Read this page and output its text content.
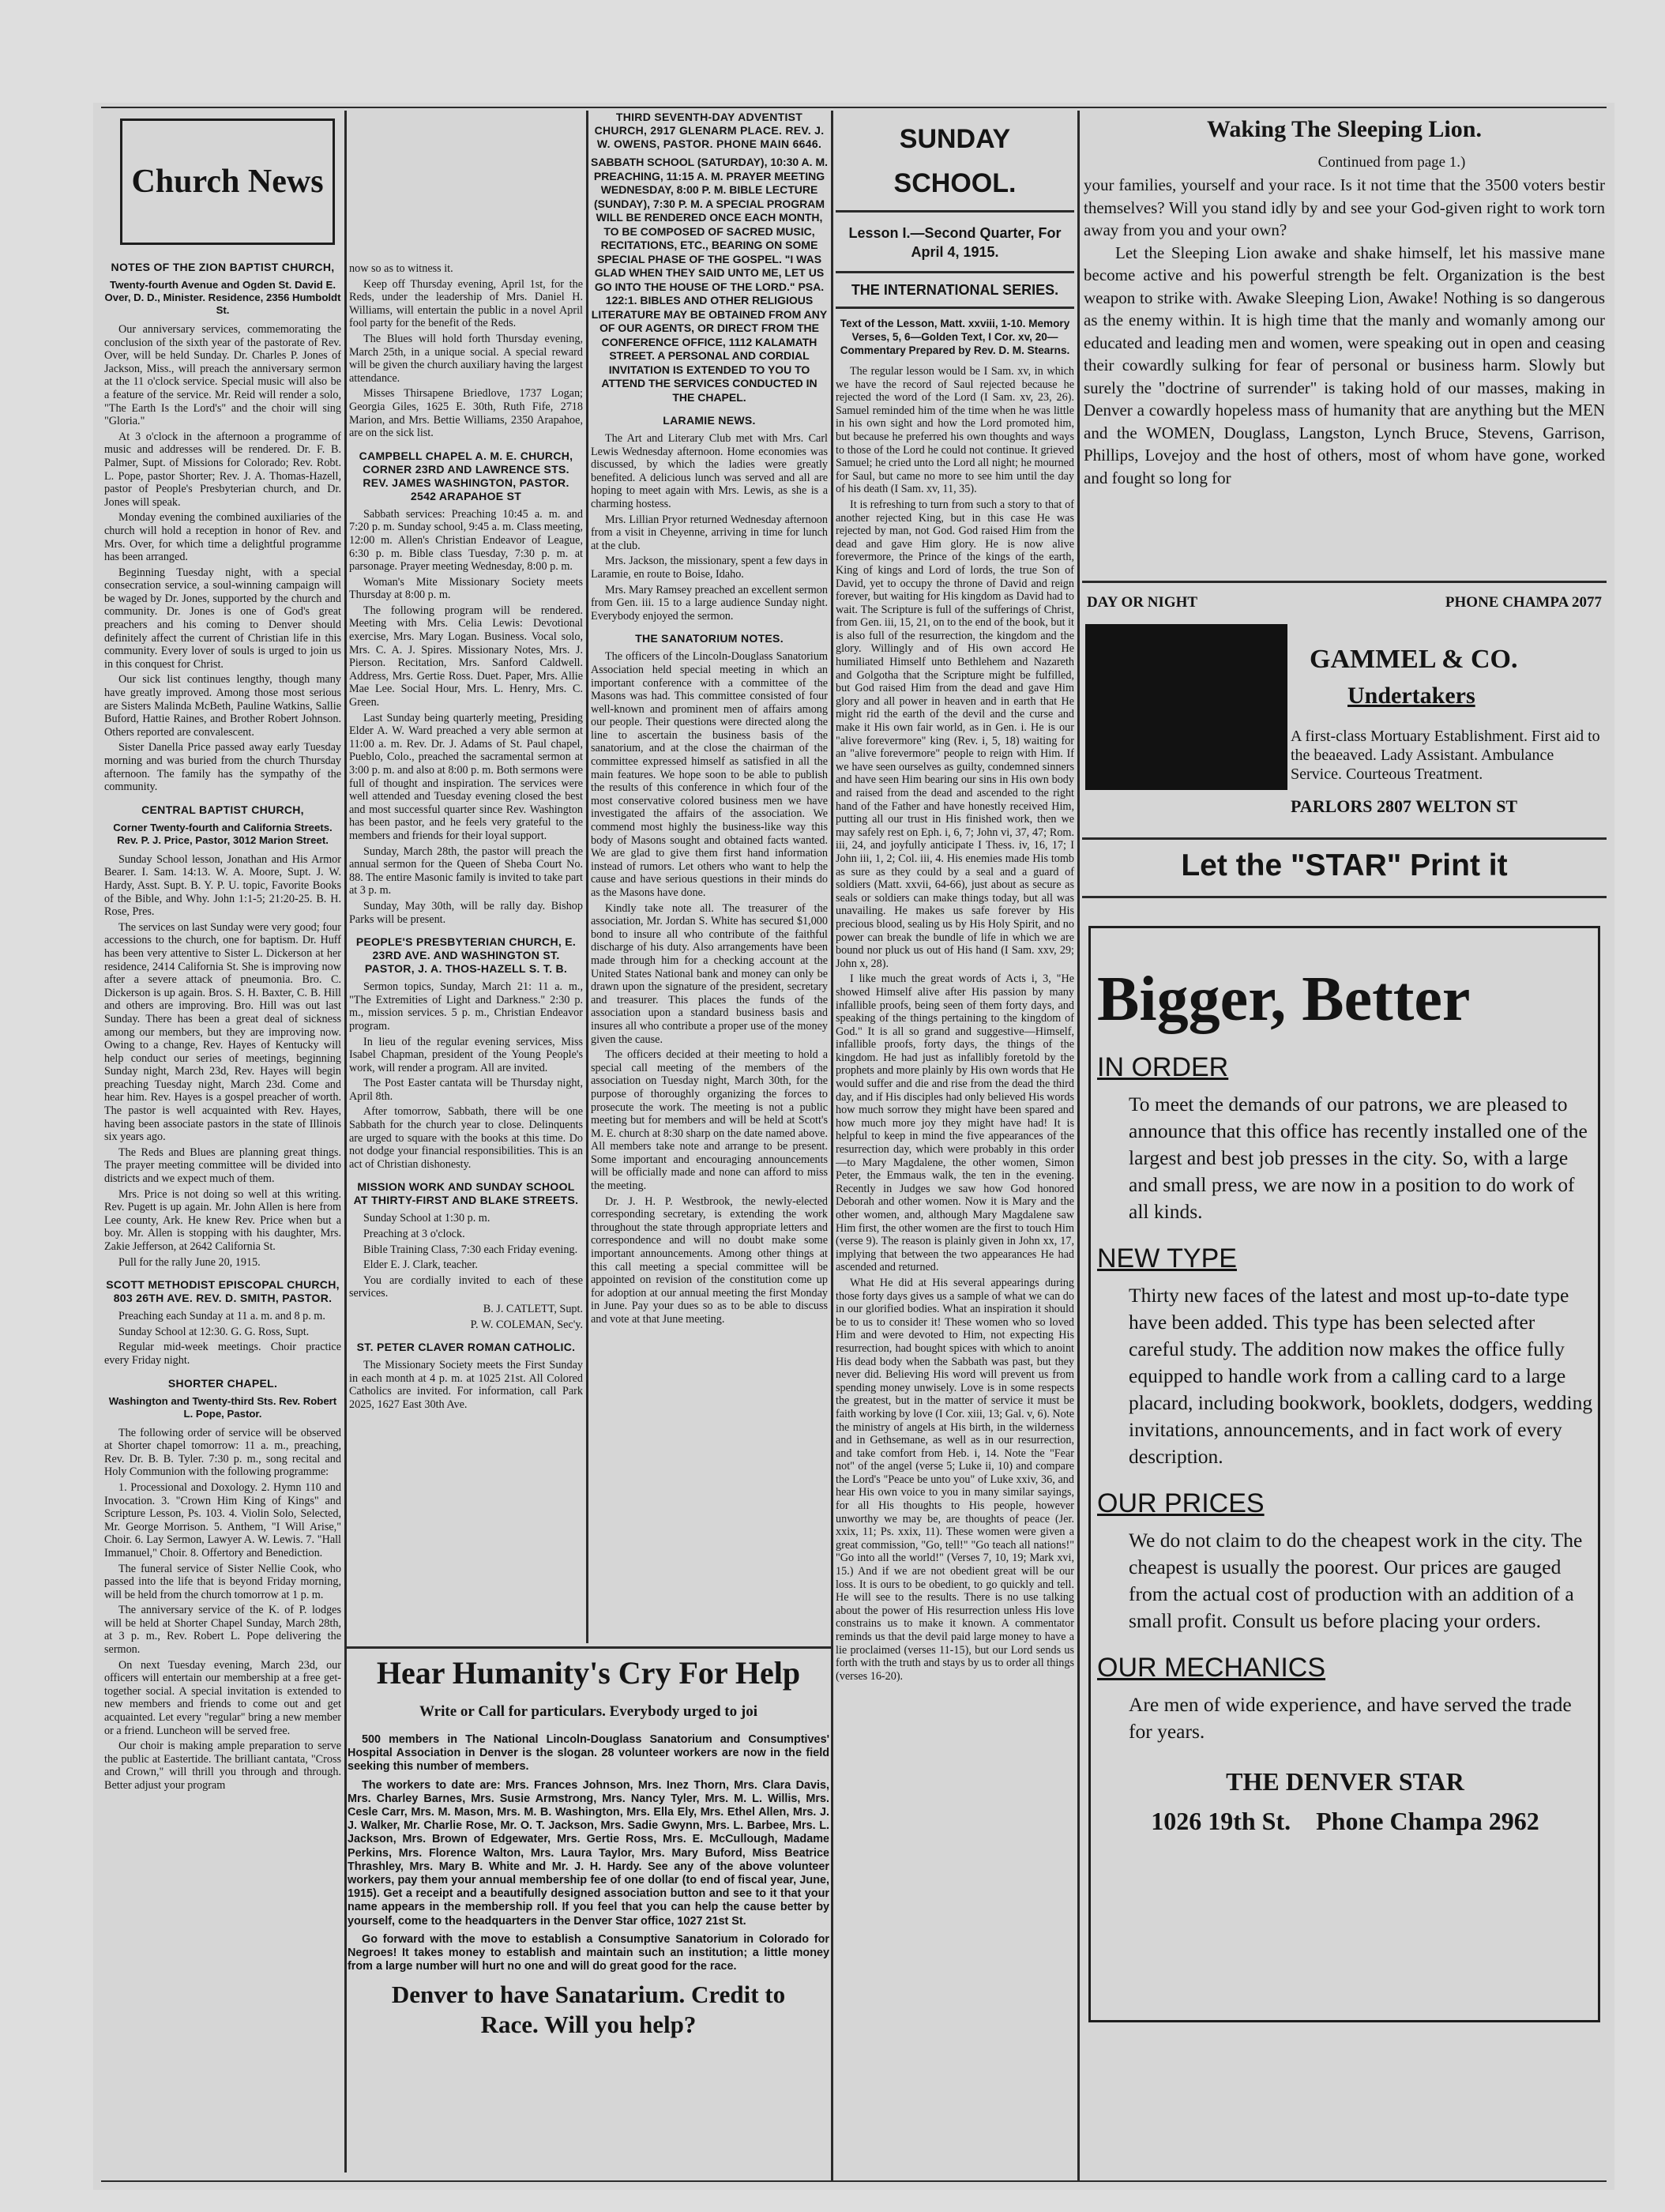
Church News
NOTES OF THE ZION BAPTIST CHURCH,
Twenty-fourth Avenue and Ogden St. David E. Over, D. D., Minister. Residence, 2356 Humboldt St.

Our anniversary services, commemorating the conclusion of the sixth year of the pastorate of Rev. Over, will be held Sunday. Dr. Charles P. Jones of Jackson, Miss., will preach the anniversary sermon at the 11 o'clock service. Special music will also be a feature of the service. Mr. Reid will render a solo, "The Earth Is the Lord's" and the choir will sing "Gloria."

At 3 o'clock in the afternoon a programme of music and addresses will be rendered. Dr. F. B. Palmer, Supt. of Missions for Colorado; Rev. Robt. L. Pope, pastor Shorter; Rev. J. A. Thomas-Hazell, pastor of People's Presbyterian church, and Dr. Jones will speak.

Monday evening the combined auxiliaries of the church will hold a reception in honor of Rev. and Mrs. Over, for which time a delightful programme has been arranged.

Beginning Tuesday night, with a special consecration service, a soul-winning campaign will be waged by Dr. Jones, supported by the church and community. Dr. Jones is one of God's great preachers and his coming to Denver should definitely affect the current of Christian life in this community. Every lover of souls is urged to join us in this conquest for Christ.

Our sick list continues lengthy, though many have greatly improved. Among those most serious are Sisters Malinda McBeth, Pauline Watkins, Sallie Buford, Hattie Raines, and Brother Robert Johnson. Others reported are convalescent.

Sister Danella Price passed away early Tuesday morning and was buried from the church Thursday afternoon. The family has the sympathy of the community.

CENTRAL BAPTIST CHURCH,
Corner Twenty-fourth and California Streets. Rev. P. J. Price, Pastor, 3012 Marion Street.

Sunday School lesson, Jonathan and His Armor Bearer. I. Sam. 14:13. W. A. Moore, Supt. J. W. Hardy, Asst. Supt. B. Y. P. U. topic, Favorite Books of the Bible, and Why. John 1:1-5; 21:20-25. B. H. Rose, Pres.

The services on last Sunday were very good; four accessions to the church, one for baptism. Dr. Huff has been very attentive to Sister L. Dickerson at her residence, 2414 California St. She is improving now after a severe attack of pneumonia. Bro. C. Dickerson is up again. Bros. S. H. Baxter, C. B. Hill and others are improving. Bro. Hill was out last Sunday. There has been a great deal of sickness among our members, but they are improving now. Owing to a change, Rev. Hayes of Kentucky will help conduct our series of meetings, beginning Sunday night, March 23d, Rev. Hayes will begin preaching Tuesday night, March 23d. Come and hear him. Rev. Hayes is a gospel preacher of worth. The pastor is well acquainted with Rev. Hayes, having been associate pastors in the state of Illinois six years ago.

The Reds and Blues are planning great things. The prayer meeting committee will be divided into districts and we expect much of them.

Mrs. Price is not doing so well at this writing. Rev. Pugett is up again. Mr. John Allen is here from Lee county, Ark. He knew Rev. Price when but a boy. Mr. Allen is stopping with his daughter, Mrs. Zakie Jefferson, at 2642 California St.

Pull for the rally June 20, 1915.

SCOTT METHODIST EPISCOPAL CHURCH, 803 26TH AVE. REV. D. SMITH, PASTOR.

Preaching each Sunday at 11 a. m. and 8 p. m.

Sunday School at 12:30. G. G. Ross, Supt.

Regular mid-week meetings. Choir practice every Friday night.

SHORTER CHAPEL.
Washington and Twenty-third Sts. Rev. Robert L. Pope, Pastor.

The following order of service will be observed at Shorter chapel tomorrow: 11 a. m., preaching, Rev. Dr. B. B. Tyler. 7:30 p. m., song recital and Holy Communion with the following programme:

1. Processional and Doxology. 2. Hymn 110 and Invocation. 3. "Crown Him King of Kings" and Scripture Lesson, Ps. 103. 4. Violin Solo, Selected, Mr. George Morrison. 5. Anthem, "I Will Arise," Choir. 6. Lay Sermon, Lawyer A. W. Lewis. 7. "Hall Immanuel," Choir. 8. Offertory and Benediction.

The funeral service of Sister Nellie Cook, who passed into the life that is beyond Friday morning, will be held from the church tomorrow at 1 p. m.

The anniversary service of the K. of P. lodges will be held at Shorter Chapel Sunday, March 28th, at 3 p. m., Rev. Robert L. Pope delivering the sermon.

On next Tuesday evening, March 23d, our officers will entertain our membership at a free get-together social. A special invitation is extended to new members and friends to come out and get acquainted. Let every "regular" bring a new member or a friend. Luncheon will be served free.

Our choir is making ample preparation to serve the public at Eastertide. The brilliant cantata, "Cross and Crown," will thrill you through and through. Better adjust your program

now so as to witness it.

Keep off Thursday evening, April 1st, for the Reds, under the leadership of Mrs. Daniel H. Williams, will entertain the public in a novel April fool party for the benefit of the Reds.

The Blues will hold forth Thursday evening, March 25th, in a unique social. A special reward will be given the church auxiliary having the largest attendance.

Misses Thirsapene Briedlove, 1737 Logan; Georgia Giles, 1625 E. 30th, Ruth Fife, 2718 Marion, and Mrs. Bettie Williams, 2350 Arapahoe, are on the sick list.

CAMPBELL CHAPEL A. M. E. CHURCH, CORNER 23RD AND LAWRENCE STS. REV. JAMES WASHINGTON, PASTOR. 2542 ARAPAHOE ST

Sabbath services: Preaching 10:45 a. m. and 7:20 p. m. Sunday school, 9:45 a. m. Class meeting, 12:00 m. Allen's Christian Endeavor of League, 6:30 p. m. Bible class Tuesday, 7:30 p. m. at parsonage. Prayer meeting Wednesday, 8:00 p. m.

Woman's Mite Missionary Society meets Thursday at 8:00 p. m.

The following program will be rendered. Meeting with Mrs. Celia Lewis: Devotional exercise, Mrs. Mary Logan. Business. Vocal solo, Mrs. C. A. J. Spires. Missionary Notes, Mrs. J. Pierson. Recitation, Mrs. Sanford Caldwell. Address, Mrs. Gertie Ross. Duet. Paper, Mrs. Allie Mae Lee. Social Hour, Mrs. L. Henry, Mrs. C. Green.

Last Sunday being quarterly meeting, Presiding Elder A. W. Ward preached a very able sermon at 11:00 a. m. Rev. Dr. J. Adams of St. Paul chapel, Pueblo, Colo., preached the sacramental sermon at 3:00 p. m. and also at 8:00 p. m. Both sermons were full of thought and inspiration. The services were well attended and Tuesday evening closed the best and most successful quarter since Rev. Washington has been pastor, and he feels very grateful to the members and friends for their loyal support.

Sunday, March 28th, the pastor will preach the annual sermon for the Queen of Sheba Court No. 88. The entire Masonic family is invited to take part at 3 p. m.

Sunday, May 30th, will be rally day. Bishop Parks will be present.

PEOPLE'S PRESBYTERIAN CHURCH, E. 23RD AVE. AND WASHINGTON ST. PASTOR, J. A. THOS-HAZELL S. T. B.

Sermon topics, Sunday, March 21: 11 a. m., "The Extremities of Light and Darkness." 2:30 p. m., mission services. 5 p. m., Christian Endeavor program.

In lieu of the regular evening services, Miss Isabel Chapman, president of the Young People's work, will render a program. All are invited.

The Post Easter cantata will be Thursday night, April 8th.

After tomorrow, Sabbath, there will be one Sabbath for the church year to close. Delinquents are urged to square with the books at this time. Do not dodge your financial responsibilities. This is an act of Christian dishonesty.

MISSION WORK AND SUNDAY SCHOOL AT THIRTY-FIRST AND BLAKE STREETS.

Sunday School at 1:30 p. m.

Preaching at 3 o'clock.

Bible Training Class, 7:30 each Friday evening.

Elder E. J. Clark, teacher.

You are cordially invited to each of these services.

B. J. CATLETT, Supt.

P. W. COLEMAN, Sec'y.

ST. PETER CLAVER ROMAN CATHOLIC.

The Missionary Society meets the First Sunday in each month at 4 p. m. at 1025 21st. All Colored Catholics are invited. For information, call Park 2025, 1627 East 30th Ave.

THIRD SEVENTH-DAY ADVENTIST CHURCH, 2917 GLENARM PLACE. REV. J. W. OWENS, PASTOR. PHONE MAIN 6646.

SABBATH SCHOOL (SATURDAY), 10:30 A. M. PREACHING, 11:15 A. M. PRAYER MEETING WEDNESDAY, 8:00 P. M. BIBLE LECTURE (SUNDAY), 7:30 P. M. A SPECIAL PROGRAM WILL BE RENDERED ONCE EACH MONTH, TO BE COMPOSED OF SACRED MUSIC, RECITATIONS, ETC., BEARING ON SOME SPECIAL PHASE OF THE GOSPEL. "I WAS GLAD WHEN THEY SAID UNTO ME, LET US GO INTO THE HOUSE OF THE LORD." PSA. 122:1. BIBLES AND OTHER RELIGIOUS LITERATURE MAY BE OBTAINED FROM ANY OF OUR AGENTS, OR DIRECT FROM THE CONFERENCE OFFICE, 1112 KALAMATH STREET. A PERSONAL AND CORDIAL INVITATION IS EXTENDED TO YOU TO ATTEND THE SERVICES CONDUCTED IN THE CHAPEL.

LARAMIE NEWS.

The Art and Literary Club met with Mrs. Carl Lewis Wednesday afternoon. Home economies was discussed, by which the ladies were greatly benefited. A delicious lunch was served and all are hoping to meet again with Mrs. Lewis, as she is a charming hostess.

Mrs. Lillian Pryor returned Wednesday afternoon from a visit in Cheyenne, arriving in time for lunch at the club.

Mrs. Jackson, the missionary, spent a few days in Laramie, en route to Boise, Idaho.

Mrs. Mary Ramsey preached an excellent sermon from Gen. iii. 15 to a large audience Sunday night. Everybody enjoyed the sermon.

THE SANATORIUM NOTES.

The officers of the Lincoln-Douglass Sanatorium Association held special meeting in which an important conference with a committee of the Masons was had. This committee consisted of four well-known and prominent men of affairs among our people. Their questions were directed along the line to ascertain the business basis of the sanatorium, and at the close the chairman of the committee expressed himself as satisfied in all the main features. We hope soon to be able to publish the results of this conference in which four of the most conservative colored business men we have investigated the affairs of the association. We commend most highly the business-like way this body of Masons sought and obtained facts wanted. We are glad to give them first hand information instead of rumors. Let others who want to help the cause and have serious questions in their minds do as the Masons have done.

Kindly take note all. The treasurer of the association, Mr. Jordan S. White has secured $1,000 bond to insure all who contribute of the faithful discharge of his duty. Also arrangements have been made through him for a checking account at the United States National bank and money can only be drawn upon the signature of the president, secretary and treasurer. This places the funds of the association upon a standard business basis and insures all who contribute a proper use of the money given the cause.

The officers decided at their meeting to hold a special call meeting of the members of the association on Tuesday night, March 30th, for the purpose of thoroughly organizing the forces to prosecute the work. The meeting is not a public meeting but for members and will be held at Scott's M. E. church at 8:30 sharp on the date named above. All members take note and arrange to be present. Some important and encouraging announcements will be officially made and none can afford to miss the meeting.

Dr. J. H. P. Westbrook, the newly-elected corresponding secretary, is extending the work throughout the state through appropriate letters and correspondence and will no doubt make some important announcements. Among other things at this call meeting a special committee will be appointed on revision of the constitution come up for adoption at our annual meeting the first Monday in June. Pay your dues so as to be able to discuss and vote at that June meeting.

Hear Humanity's Cry For Help
Write or Call for particulars. Everybody urged to joi

500 members in The National Lincoln-Douglass Sanatorium and Consumptives' Hospital Association in Denver is the slogan. 28 volunteer workers are now in the field seeking this number of members.

The workers to date are: Mrs. Frances Johnson, Mrs. Inez Thorn, Mrs. Clara Davis, Mrs. Charley Barnes, Mrs. Susie Armstrong, Mrs. Nancy Tyler, Mrs. M. L. Willis, Mrs. Cesle Carr, Mrs. M. Mason, Mrs. M. B. Washington, Mrs. Ella Ely, Mrs. Ethel Allen, Mrs. J. J. Walker, Mr. Charlie Rose, Mr. O. T. Jackson, Mrs. Sadie Gwynn, Mrs. L. Barbee, Mrs. L. Jackson, Mrs. Brown of Edgewater, Mrs. Gertie Ross, Mrs. E. McCullough, Madame Perkins, Mrs. Florence Walton, Mrs. Laura Taylor, Mrs. Mary Buford, Miss Beatrice Thrashley, Mrs. Mary B. White and Mr. J. H. Hardy. See any of the above volunteer workers, pay them your annual membership fee of one dollar (to end of fiscal year, June, 1915). Get a receipt and a beautifully designed association button and see to it that your name appears in the membership roll. If you feel that you can help the cause better by yourself, come to the headquarters in the Denver Star office, 1027 21st St.

Go forward with the move to establish a Consumptive Sanatorium in Colorado for Negroes! It takes money to establish and maintain such an institution; a little money from a large number will hurt no one and will do great good for the race.

Denver to have Sanatarium. Credit to
Race. Will you help?
SUNDAY SCHOOL.
Lesson I.—Second Quarter, For April 4, 1915.
THE INTERNATIONAL SERIES.
Text of the Lesson, Matt. xxviii, 1-10. Memory Verses, 5, 6—Golden Text, I Cor. xv, 20—Commentary Prepared by Rev. D. M. Stearns.

The regular lesson would be I Sam. xv, in which we have the record of Saul rejected because he rejected the word of the Lord (I Sam. xv, 23, 26). Samuel reminded him of the time when he was little in his own sight and how the Lord promoted him, but because he preferred his own thoughts and ways to those of the Lord he could not continue. It grieved Samuel; he cried unto the Lord all night; he mourned for Saul, but came no more to see him until the day of his death (I Sam. xv, 11, 35).

It is refreshing to turn from such a story to that of another rejected King, but in this case He was rejected by man, not God. God raised Him from the dead and gave Him glory. He is now alive forevermore, the Prince of the kings of the earth, King of kings and Lord of lords, the true Son of David, yet to occupy the throne of David and reign forever, but waiting for His kingdom as David had to wait. The Scripture is full of the sufferings of Christ, from Gen. iii, 15, 21, on to the end of the book, but it is also full of the resurrection, the kingdom and the glory. Willingly and of His own accord He humiliated Himself unto Bethlehem and Nazareth and Golgotha that the Scripture might be fulfilled, but God raised Him from the dead and gave Him glory and all power in heaven and in earth that He might rid the earth of the devil and the curse and make it His own fair world, as in Gen. i. He is our "alive forevermore" king (Rev. i, 5, 18) waiting for an "alive forevermore" people to reign with Him. If we have seen ourselves as guilty, condemned sinners and have seen Him bearing our sins in His own body and raised from the dead and ascended to the right hand of the Father and have honestly received Him, putting all our trust in His finished work, then we may safely rest on Eph. i, 6, 7; John vi, 37, 47; Rom. iii, 24, and joyfully anticipate I Thess. iv, 16, 17; I John iii, 1, 2; Col. iii, 4. His enemies made His tomb as sure as they could by a seal and a guard of soldiers (Matt. xxvii, 64-66), just about as secure as seals or soldiers can make things today, but all was unavailing. He makes us safe forever by His precious blood, sealing us by His Holy Spirit, and no power can break the bundle of life in which we are bound nor pluck us out of His hand (I Sam. xxv, 29; John x, 28).

I like much the great words of Acts i, 3, "He showed Himself alive after His passion by many infallible proofs, being seen of them forty days, and speaking of the things pertaining to the kingdom of God." It is all so grand and suggestive—Himself, infallible proofs, forty days, the things of the kingdom. He had just as infallibly foretold by the prophets and more plainly by His own words that He would suffer and die and rise from the dead the third day, and if His disciples had only believed His words how much sorrow they might have been spared and how much more joy they might have had! It is helpful to keep in mind the five appearances of the resurrection day, which were probably in this order—to Mary Magdalene, the other women, Simon Peter, the Emmaus walk, the ten in the evening. Recently in Judges we saw how God honored Deborah and other women. Now it is Mary and the other women, and, although Mary Magdalene saw Him first, the other women are the first to touch Him (verse 9). The reason is plainly given in John xx, 17, implying that between the two appearances He had ascended and returned.

What He did at His several appearings during those forty days gives us a sample of what we can do in our glorified bodies. What an inspiration it should be to us to consider it! These women who so loved Him and were devoted to Him, not expecting His resurrection, had bought spices with which to anoint His dead body when the Sabbath was past, but they never did. Believing His word will prevent us from spending money unwisely. Love is in some respects the greatest, but in the matter of service it must be faith working by love (I Cor. xiii, 13; Gal. v, 6). Note the ministry of angels at His birth, in the wilderness and in Gethsemane, as well as in our resurrection, and take comfort from Heb. i, 14. Note the "Fear not" of the angel (verse 5; Luke ii, 10) and compare the Lord's "Peace be unto you" of Luke xxiv, 36, and hear His own voice to you in many similar sayings, for all His thoughts to His people, however unworthy we may be, are thoughts of peace (Jer. xxix, 11; Ps. xxix, 11). These women were given a great commission, "Go, tell!" "Go teach all nations!" "Go into all the world!" (Verses 7, 10, 19; Mark xvi, 15.) And if we are not obedient great will be our loss. It is ours to be obedient, to go quickly and tell. He will see to the results. There is no use talking about the power of His resurrection unless His love constrains us to make it known. A commentator reminds us that the devil paid large money to have a lie proclaimed (verses 11-15), but our Lord sends us forth with the truth and stays by us to order all things (verses 16-20).

Waking The Sleeping Lion.
Continued from page 1.)

your families, yourself and your race. Is it not time that the 3500 voters bestir themselves? Will you stand idly by and see your God-given right to work torn away from you and your own?

Let the Sleeping Lion awake and shake himself, let his massive mane become active and his powerful strength be felt. Organization is the best weapon to strike with. Awake Sleeping Lion, Awake! Nothing is so dangerous as the enemy within. It is high time that the manly and womanly among our educated and leading men and women, were speaking out in open and ceasing their cowardly sulking for fear of personal or business harm. Slowly but surely the "doctrine of surrender" is taking hold of our masses, making in Denver a cowardly hopeless mass of humanity that are anything but the MEN and the WOMEN, Douglass, Langston, Lynch Bruce, Stevens, Garrison, Phillips, Lovejoy and the host of others, most of whom have gone, worked and fought so long for

DAY OR NIGHT	PHONE CHAMPA 2077
GAMMEL & CO.
Undertakers
A first-class Mortuary Establishment. First aid to the beaeaved. Lady Assistant. Ambulance Service. Courteous Treatment.
PARLORS 2807 WELTON ST
Let the "STAR" Print it
Bigger, Better
IN ORDER

To meet the demands of our patrons, we are pleased to announce that this office has recently installed one of the largest and best job presses in the city. So, with a large and small press, we are now in a position to do work of all kinds.

NEW TYPE

Thirty new faces of the latest and most up-to-date type have been added. This type has been selected after careful study. The addition now makes the office fully equipped to handle work from a calling card to a large placard, including bookwork, booklets, dodgers, wedding invitations, announcements, and in fact work of every description.

OUR PRICES

We do not claim to do the cheapest work in the city. The cheapest is usually the poorest. Our prices are gauged from the actual cost of production with an addition of a small profit. Consult us before placing your orders.

OUR MECHANICS

Are men of wide experience, and have served the trade for years.

THE DENVER STAR
1026 19th St. Phone Champa 2962
